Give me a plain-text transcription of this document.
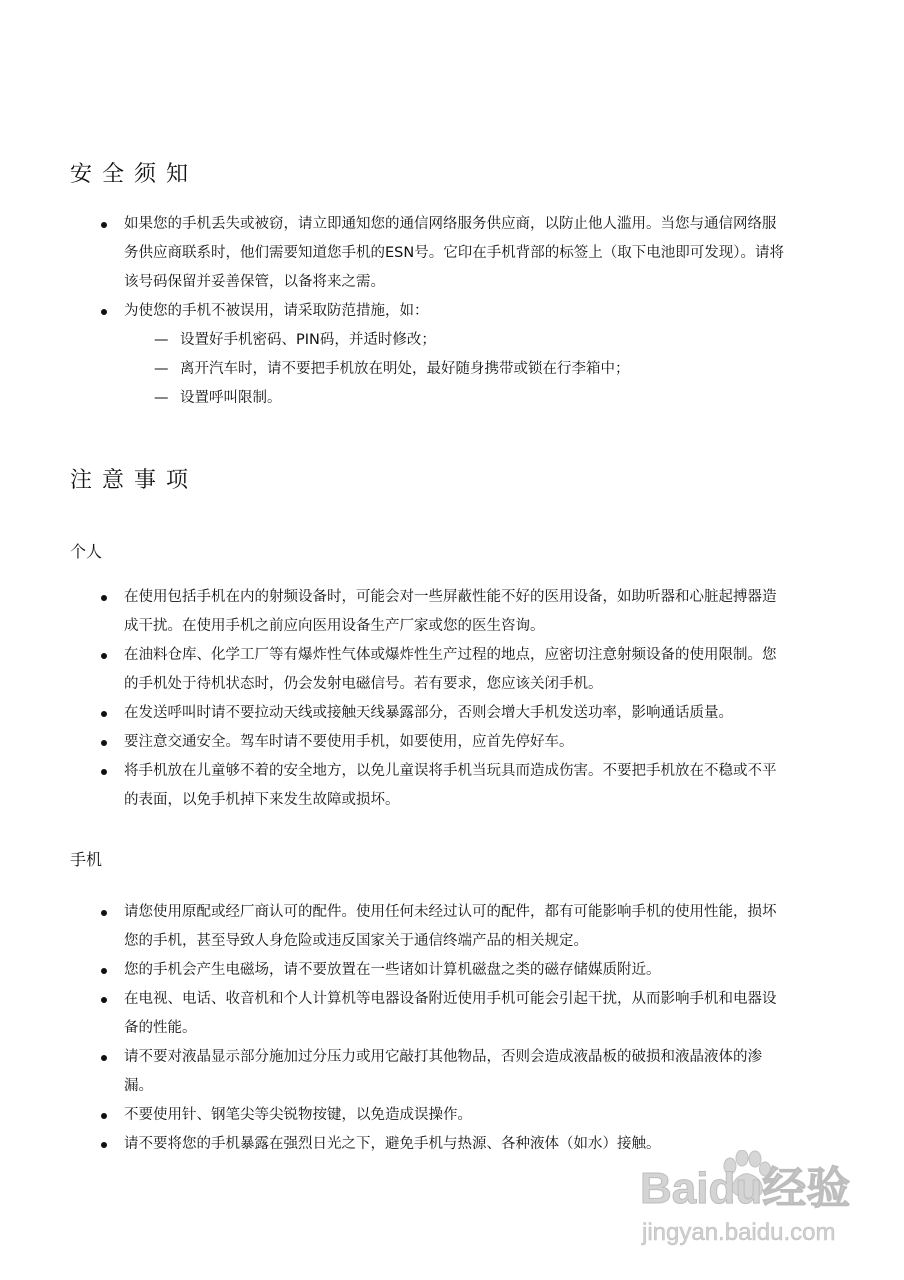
安全须知
如果您的手机丢失或被窃，请立即通知您的通信网络服务供应商，以防止他人滥用。当您与通信网络服务供应商联系时，他们需要知道您手机的ESN号。它印在手机背部的标签上（取下电池即可发现）。请将该号码保留并妥善保管，以备将来之需。
为使您的手机不被误用，请采取防范措施，如：
— 设置好手机密码、PIN码，并适时修改；
— 离开汽车时，请不要把手机放在明处，最好随身携带或锁在行李箱中；
— 设置呼叫限制。
注意事项
个人
在使用包括手机在内的射频设备时，可能会对一些屏蔽性能不好的医用设备，如助听器和心脏起搏器造成干扰。在使用手机之前应向医用设备生产厂家或您的医生咨询。
在油料仓库、化学工厂等有爆炸性气体或爆炸性生产过程的地点，应密切注意射频设备的使用限制。您的手机处于待机状态时，仍会发射电磁信号。若有要求，您应该关闭手机。
在发送呼叫时请不要拉动天线或接触天线暴露部分，否则会增大手机发送功率，影响通话质量。
要注意交通安全。驾车时请不要使用手机，如要使用，应首先停好车。
将手机放在儿童够不着的安全地方，以免儿童误将手机当玩具而造成伤害。不要把手机放在不稳或不平的表面，以免手机掉下来发生故障或损坏。
手机
请您使用原配或经厂商认可的配件。使用任何未经过认可的配件，都有可能影响手机的使用性能，损坏您的手机，甚至导致人身危险或违反国家关于通信终端产品的相关规定。
您的手机会产生电磁场，请不要放置在一些诸如计算机磁盘之类的磁存储媒质附近。
在电视、电话、收音机和个人计算机等电器设备附近使用手机可能会引起干扰，从而影响手机和电器设备的性能。
请不要对液晶显示部分施加过分压力或用它敲打其他物品，否则会造成液晶板的破损和液晶液体的渗漏。
不要使用针、钢笔尖等尖锐物按键，以免造成误操作。
请不要将您的手机暴露在强烈日光之下，避免手机与热源、各种液体（如水）接触。
Baidu经验
jingyan.baidu.com
